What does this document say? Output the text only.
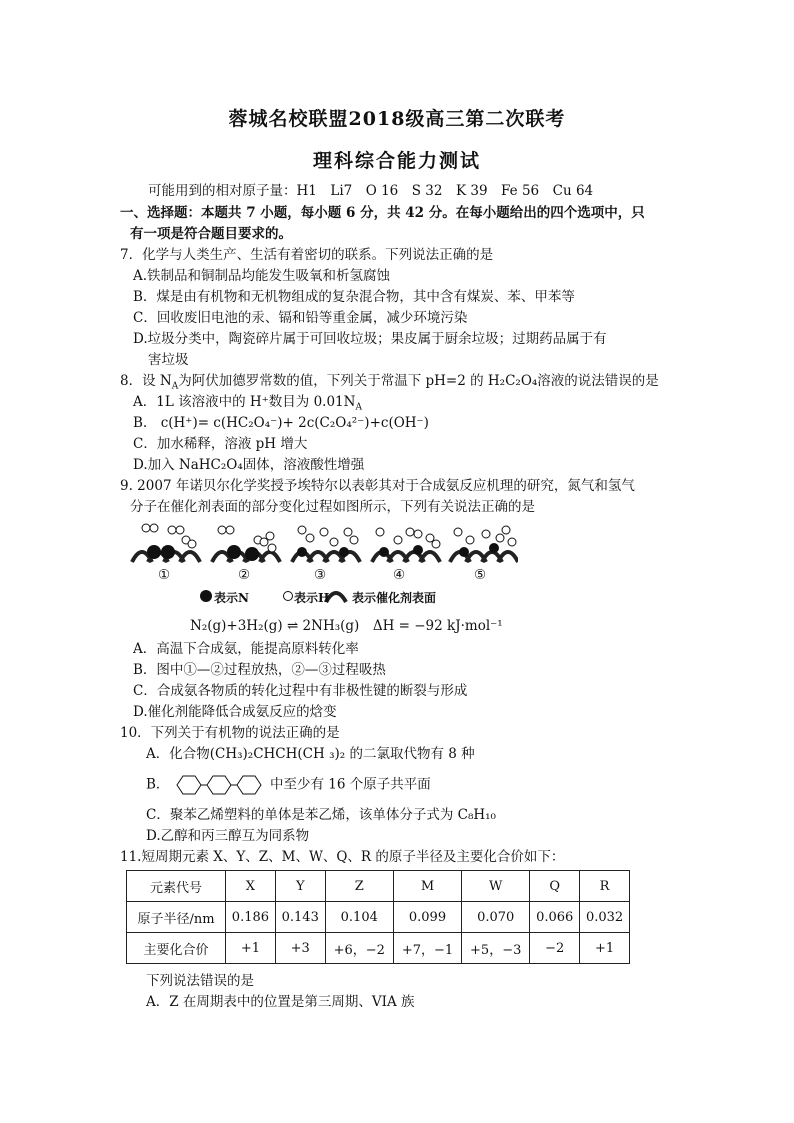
蓉城名校联盟2018级高三第二次联考
理科综合能力测试
可能用到的相对原子量：H1　Li7　O 16　S 32　K 39　Fe 56　Cu 64
一、选择题：本题共 7 小题，每小题 6 分，共 42 分。在每小题给出的四个选项中，只
有一项是符合题目要求的。
7．化学与人类生产、生活有着密切的联系。下列说法正确的是
A.铁制品和铜制品均能发生吸氧和析氢腐蚀
B．煤是由有机物和无机物组成的复杂混合物，其中含有煤炭、苯、甲苯等
C．回收废旧电池的汞、镉和铅等重金属，减少环境污染
D.垃圾分类中，陶瓷碎片属于可回收垃圾；果皮属于厨余垃圾；过期药品属于有
害垃圾
8．设 $N_A$为阿伏加德罗常数的值，下列关于常温下 pH=2 的 H₂C₂O₄溶液的说法错误的是
A．1L 该溶液中的 H⁺数目为 $0.01N_A$
B.　c(H⁺)= c(HC₂O₄⁻)+ 2c(C₂O₄²⁻)+c(OH⁻)
C．加水稀释，溶液 pH 增大
D.加入 NaHC₂O₄固体，溶液酸性增强
9. 2007 年诺贝尔化学奖授予埃特尔以表彰其对于合成氨反应机理的研究，氮气和氢气
分子在催化剂表面的部分变化过程如图所示，下列有关说法正确的是
①	②	③	④	⑤
表示N	表示H 表示催化剂表面
N₂(g)+3H₂(g) ⇌ 2NH₃(g)　ΔH = −92 kJ·mol⁻¹
A．高温下合成氨，能提高原料转化率
B．图中①—②过程放热，②—③过程吸热
C．合成氨各物质的转化过程中有非极性键的断裂与形成
D.催化剂能降低合成氨反应的焓变
10．下列关于有机物的说法正确的是
A．化合物(CH₃)₂CHCH(CH ₃)₂ 的二氯取代物有 8 种
B．	中至少有 16 个原子共平面
C．聚苯乙烯塑料的单体是苯乙烯，该单体分子式为 C₈H₁₀
D.乙醇和丙三醇互为同系物
11.短周期元素 X、Y、Z、M、W、Q、R 的原子半径及主要化合价如下：
元素代号	X	Y	Z	M	W	Q	R
原子半径/nm	0.186	0.143	0.104	0.099	0.070	0.066	0.032
主要化合价	+1	+3	+6，−2	+7，−1	+5，−3	−2	+1
下列说法错误的是
A．Z 在周期表中的位置是第三周期、VIA 族
